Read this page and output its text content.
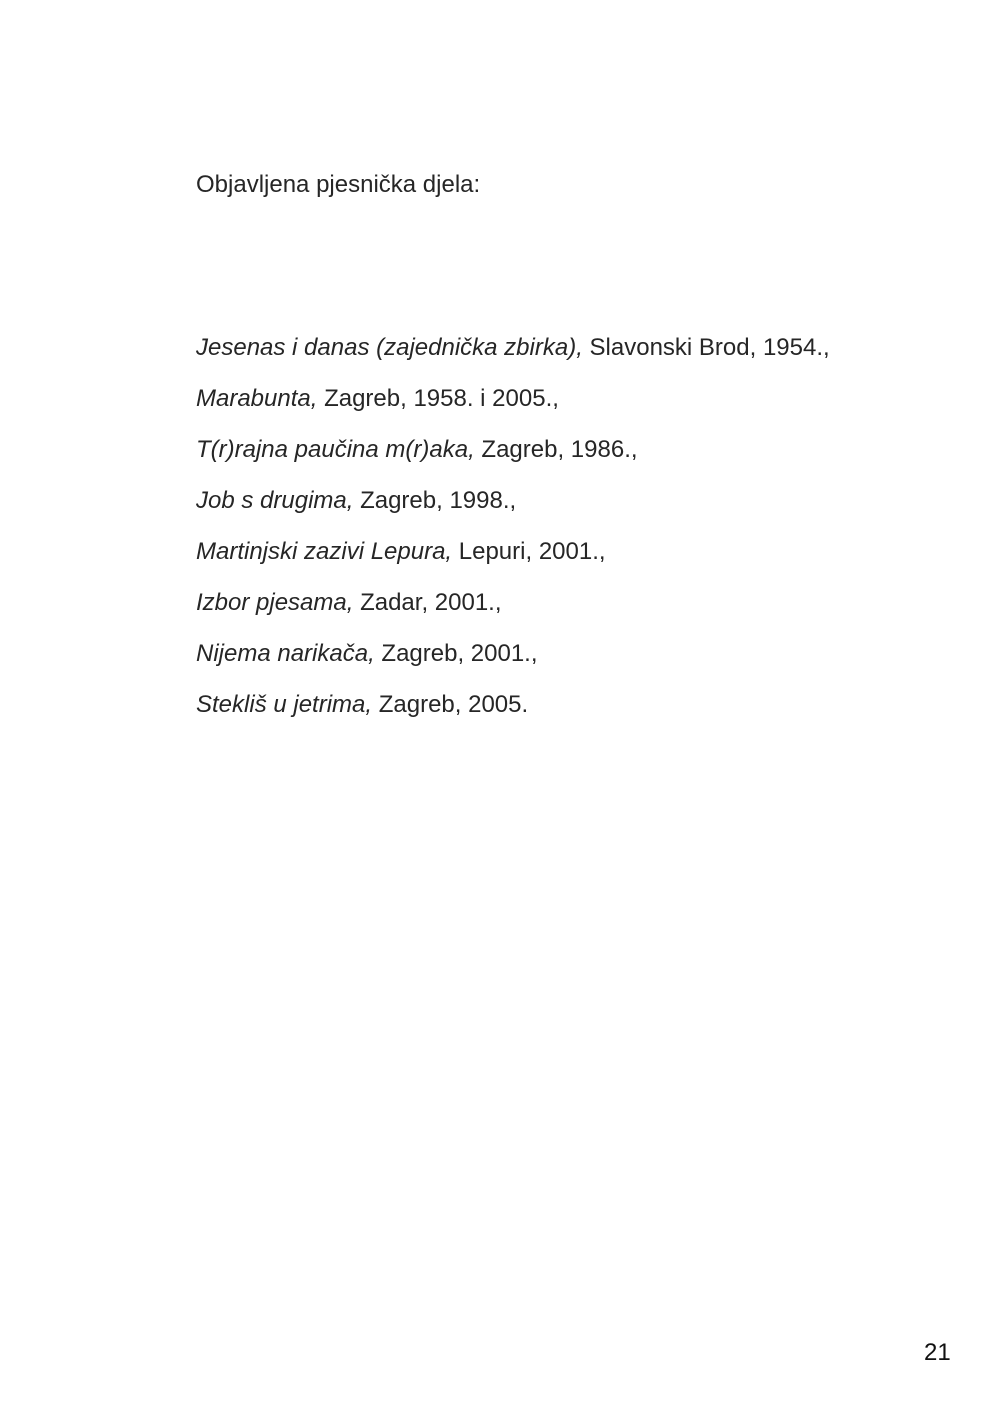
Objavljena pjesnička djela:
Jesenas i danas (zajednička zbirka), Slavonski Brod, 1954.,
Marabunta, Zagreb, 1958. i 2005.,
T(r)rajna paučina m(r)aka, Zagreb, 1986.,
Job s drugima, Zagreb, 1998.,
Martinjski zazivi Lepura, Lepuri, 2001.,
Izbor pjesama, Zadar, 2001.,
Nijema narikača, Zagreb, 2001.,
Stekliš u jetrima, Zagreb, 2005.
21
